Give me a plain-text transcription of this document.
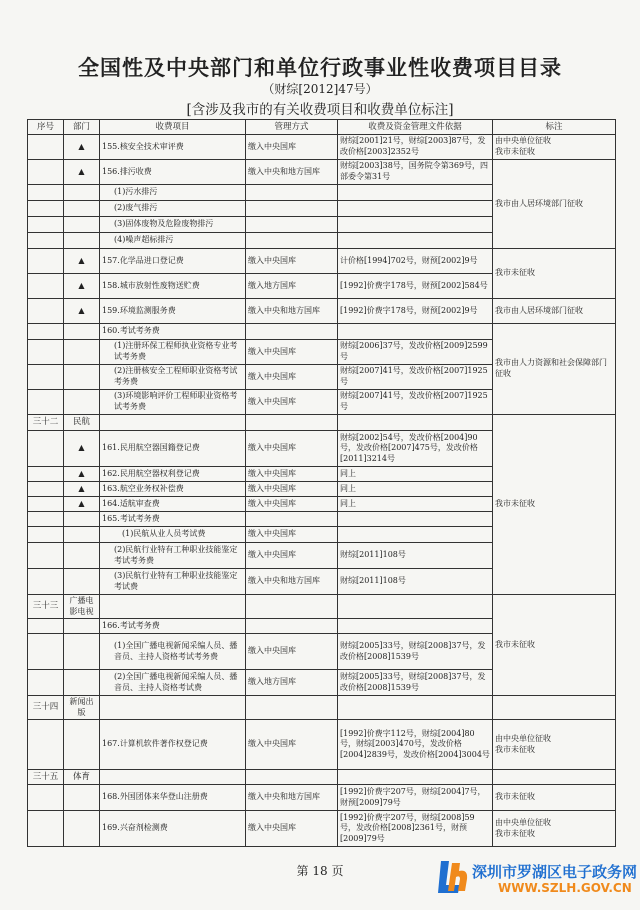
全国性及中央部门和单位行政事业性收费项目目录
（财综[2012]47号）
[含涉及我市的有关收费项目和收费单位标注]
序号	部门	收费项目	管理方式	收费及资金管理文件依据	标注
	▲	155.核安全技术审评费	缴入中央国库	财综[2001]21号，财综[2003]87号，发改价格[2003]2352号	由中央单位征收
我市未征收
	▲	156.排污收费	缴入中央和地方国库	财综[2003]38号，国务院令第369号，四部委令第31号	我市由人居环境部门征收
		(1)污水排污			
		(2)废气排污			
		(3)固体废物及危险废物排污			
		(4)噪声超标排污			
	▲	157.化学品进口登记费	缴入中央国库	计价格[1994]702号，财预[2002]9号	我市未征收
	▲	158.城市放射性废物送贮费	缴入地方国库	[1992]价费字178号，财预[2002]584号	
	▲	159.环境监测服务费	缴入中央和地方国库	[1992]价费字178号，财预[2002]9号	我市由人居环境部门征收
		160.考试考务费			我市由人力资源和社会保障部门征收
		(1)注册环保工程师执业资格专业考试考务费	缴入中央国库	财综[2006]37号，发改价格[2009]2599号	
		(2)注册核安全工程师职业资格考试考务费	缴入中央国库	财综[2007]41号，发改价格[2007]1925号	
		(3)环境影响评价工程师职业资格考试考务费	缴入中央国库	财综[2007]41号，发改价格[2007]1925号	
三十二	民航				我市未征收
	▲	161.民用航空器国籍登记费	缴入中央国库	财综[2002]54号，发改价格[2004]90号，发改价格[2007]475号，发改价格[2011]3214号	
	▲	162.民用航空器权利登记费	缴入中央国库	同上	
	▲	163.航空业务权补偿费	缴入中央国库	同上	
	▲	164.适航审查费	缴入中央国库	同上	
		165.考试考务费			
		(1)民航从业人员考试费	缴入中央国库		
		(2)民航行业特有工种职业技能鉴定考试考务费	缴入中央国库	财综[2011]108号	
		(3)民航行业特有工种职业技能鉴定考试费	缴入中央和地方国库	财综[2011]108号	
三十三	广播电影电视				我市未征收
		166.考试考务费			
		(1)全国广播电视新闻采编人员、播音员、主持人资格考试考务费	缴入中央国库	财综[2005]33号，财综[2008]37号，发改价格[2008]1539号	
		(2)全国广播电视新闻采编人员、播音员、主持人资格考试费	缴入地方国库	财综[2005]33号，财综[2008]37号，发改价格[2008]1539号	
三十四	新闻出版				
		167.计算机软件著作权登记费	缴入中央国库	[1992]价费字112号，财综[2004]80号，财综[2003]470号，发改价格[2004]2839号，发改价格[2004]3004号	由中央单位征收
我市未征收
三十五	体育				
		168.外国团体来华登山注册费	缴入中央和地方国库	[1992]价费字207号，财综[2004]7号，财预[2009]79号	我市未征收
		169.兴奋剂检测费	缴入中央国库	[1992]价费字207号，财综[2008]59号，发改价格[2008]2361号，财预[2009]79号	由中央单位征收
我市未征收
第 18 页	深圳市罗湖区电子政务网
WWW.SZLH.GOV.CN
